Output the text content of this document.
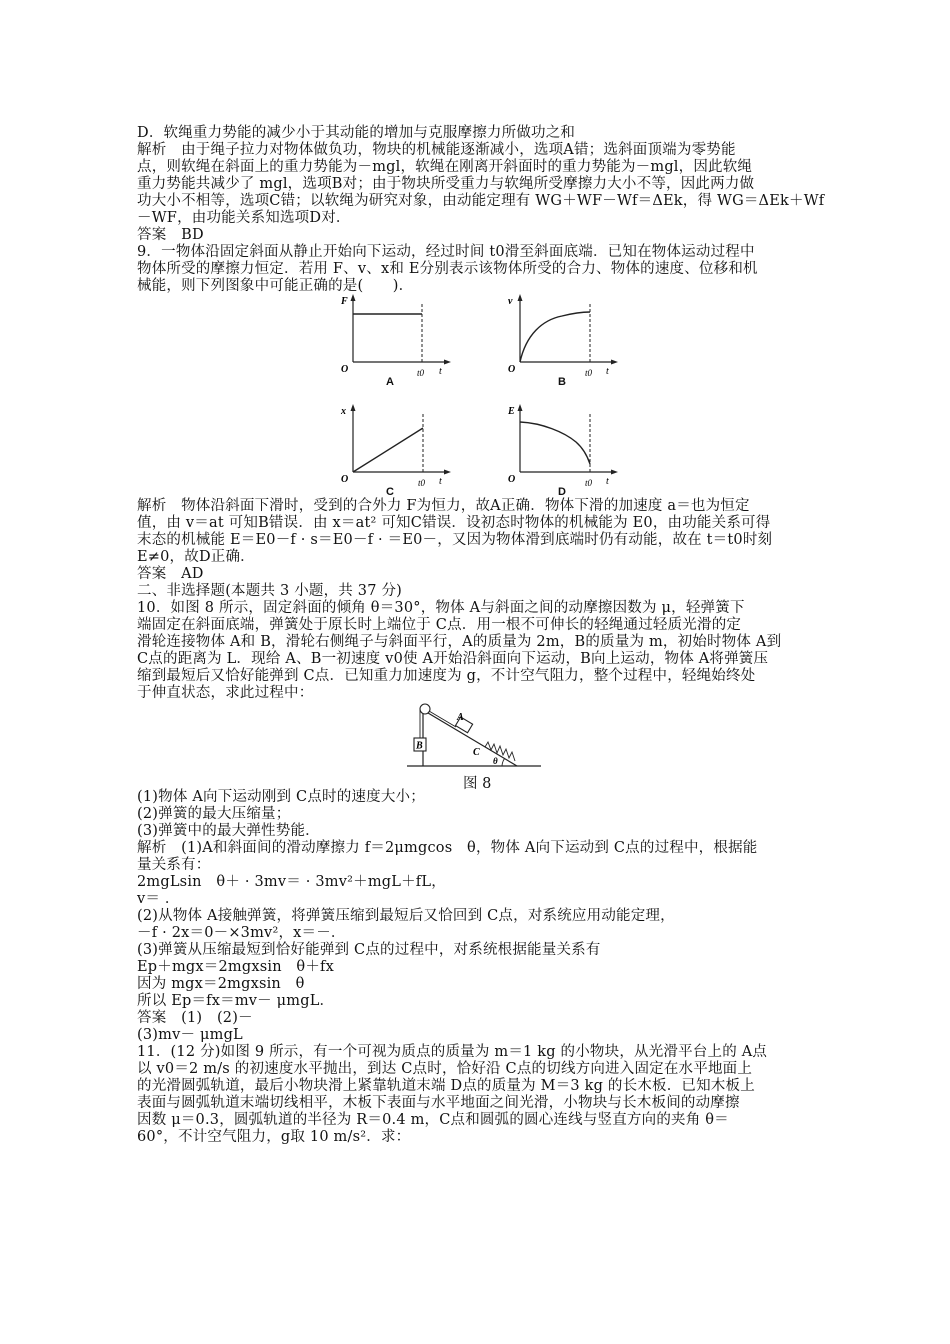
D．软绳重力势能的减少小于其动能的增加与克服摩擦力所做功之和
解析　由于绳子拉力对物体做负功，物块的机械能逐渐减小，选项A错；选斜面顶端为零势能
点，则软绳在斜面上的重力势能为－mgl，软绳在刚离开斜面时的重力势能为－mgl，因此软绳
重力势能共减少了 mgl，选项B对；由于物块所受重力与软绳所受摩擦力大小不等，因此两力做
功大小不相等，选项C错；以软绳为研究对象，由动能定理有 WG＋WF－Wf＝ΔEk，得 WG＝ΔEk＋Wf
－WF，由功能关系知选项D对．
答案　BD
9．一物体沿固定斜面从静止开始向下运动，经过时间 t0滑至斜面底端．已知在物体运动过程中
物体所受的摩擦力恒定．若用 F、v、x和 E分别表示该物体所受的合力、物体的速度、位移和机
械能，则下列图象中可能正确的是(　　)．
F
O	t0 t
A
v
O	t0 t
B
x
O	t0 t
C
E
O	t0 t
D
解析　物体沿斜面下滑时，受到的合外力 F为恒力，故A正确．物体下滑的加速度 a＝也为恒定
值，由 v＝at 可知B错误．由 x＝at² 可知C错误．设初态时物体的机械能为 E0，由功能关系可得
末态的机械能 E＝E0－f · s＝E0－f · ＝E0－，又因为物体滑到底端时仍有动能，故在 t＝t0时刻
E≠0，故D正确．
答案　AD
二、非选择题(本题共 3 小题，共 37 分)
10．如图 8 所示，固定斜面的倾角 θ＝30°，物体 A与斜面之间的动摩擦因数为 μ，轻弹簧下
端固定在斜面底端，弹簧处于原长时上端位于 C点．用一根不可伸长的轻绳通过轻质光滑的定
滑轮连接物体 A和 B，滑轮右侧绳子与斜面平行，A的质量为 2m，B的质量为 m，初始时物体 A到
C点的距离为 L．现给 A、B一初速度 v0使 A开始沿斜面向下运动，B向上运动，物体 A将弹簧压
缩到最短后又恰好能弹到 C点．已知重力加速度为 g，不计空气阻力，整个过程中，轻绳始终处
于伸直状态，求此过程中：
B
A
C
θ
图 8
(1)物体 A向下运动刚到 C点时的速度大小；
(2)弹簧的最大压缩量；
(3)弹簧中的最大弹性势能．
解析　(1)A和斜面间的滑动摩擦力 f＝2μmgcos　θ，物体 A向下运动到 C点的过程中，根据能
量关系有：
2mgLsin　θ＋ · 3mv＝ · 3mv²＋mgL＋fL，
v＝ ．
(2)从物体 A接触弹簧，将弹簧压缩到最短后又恰回到 C点，对系统应用动能定理，
－f · 2x＝0－×3mv²，x＝－．
(3)弹簧从压缩最短到恰好能弹到 C点的过程中，对系统根据能量关系有
Ep＋mgx＝2mgxsin　θ＋fx
因为 mgx＝2mgxsin　θ
所以 Ep＝fx＝mv－ μmgL．
答案　(1)　(2)－
(3)mv－ μmgL
11．(12 分)如图 9 所示，有一个可视为质点的质量为 m＝1 kg 的小物块，从光滑平台上的 A点
以 v0＝2 m/s 的初速度水平抛出，到达 C点时，恰好沿 C点的切线方向进入固定在水平地面上
的光滑圆弧轨道，最后小物块滑上紧靠轨道末端 D点的质量为 M＝3 kg 的长木板．已知木板上
表面与圆弧轨道末端切线相平，木板下表面与水平地面之间光滑，小物块与长木板间的动摩擦
因数 μ＝0.3，圆弧轨道的半径为 R＝0.4 m，C点和圆弧的圆心连线与竖直方向的夹角 θ＝
60°，不计空气阻力，g取 10 m/s²．求：
